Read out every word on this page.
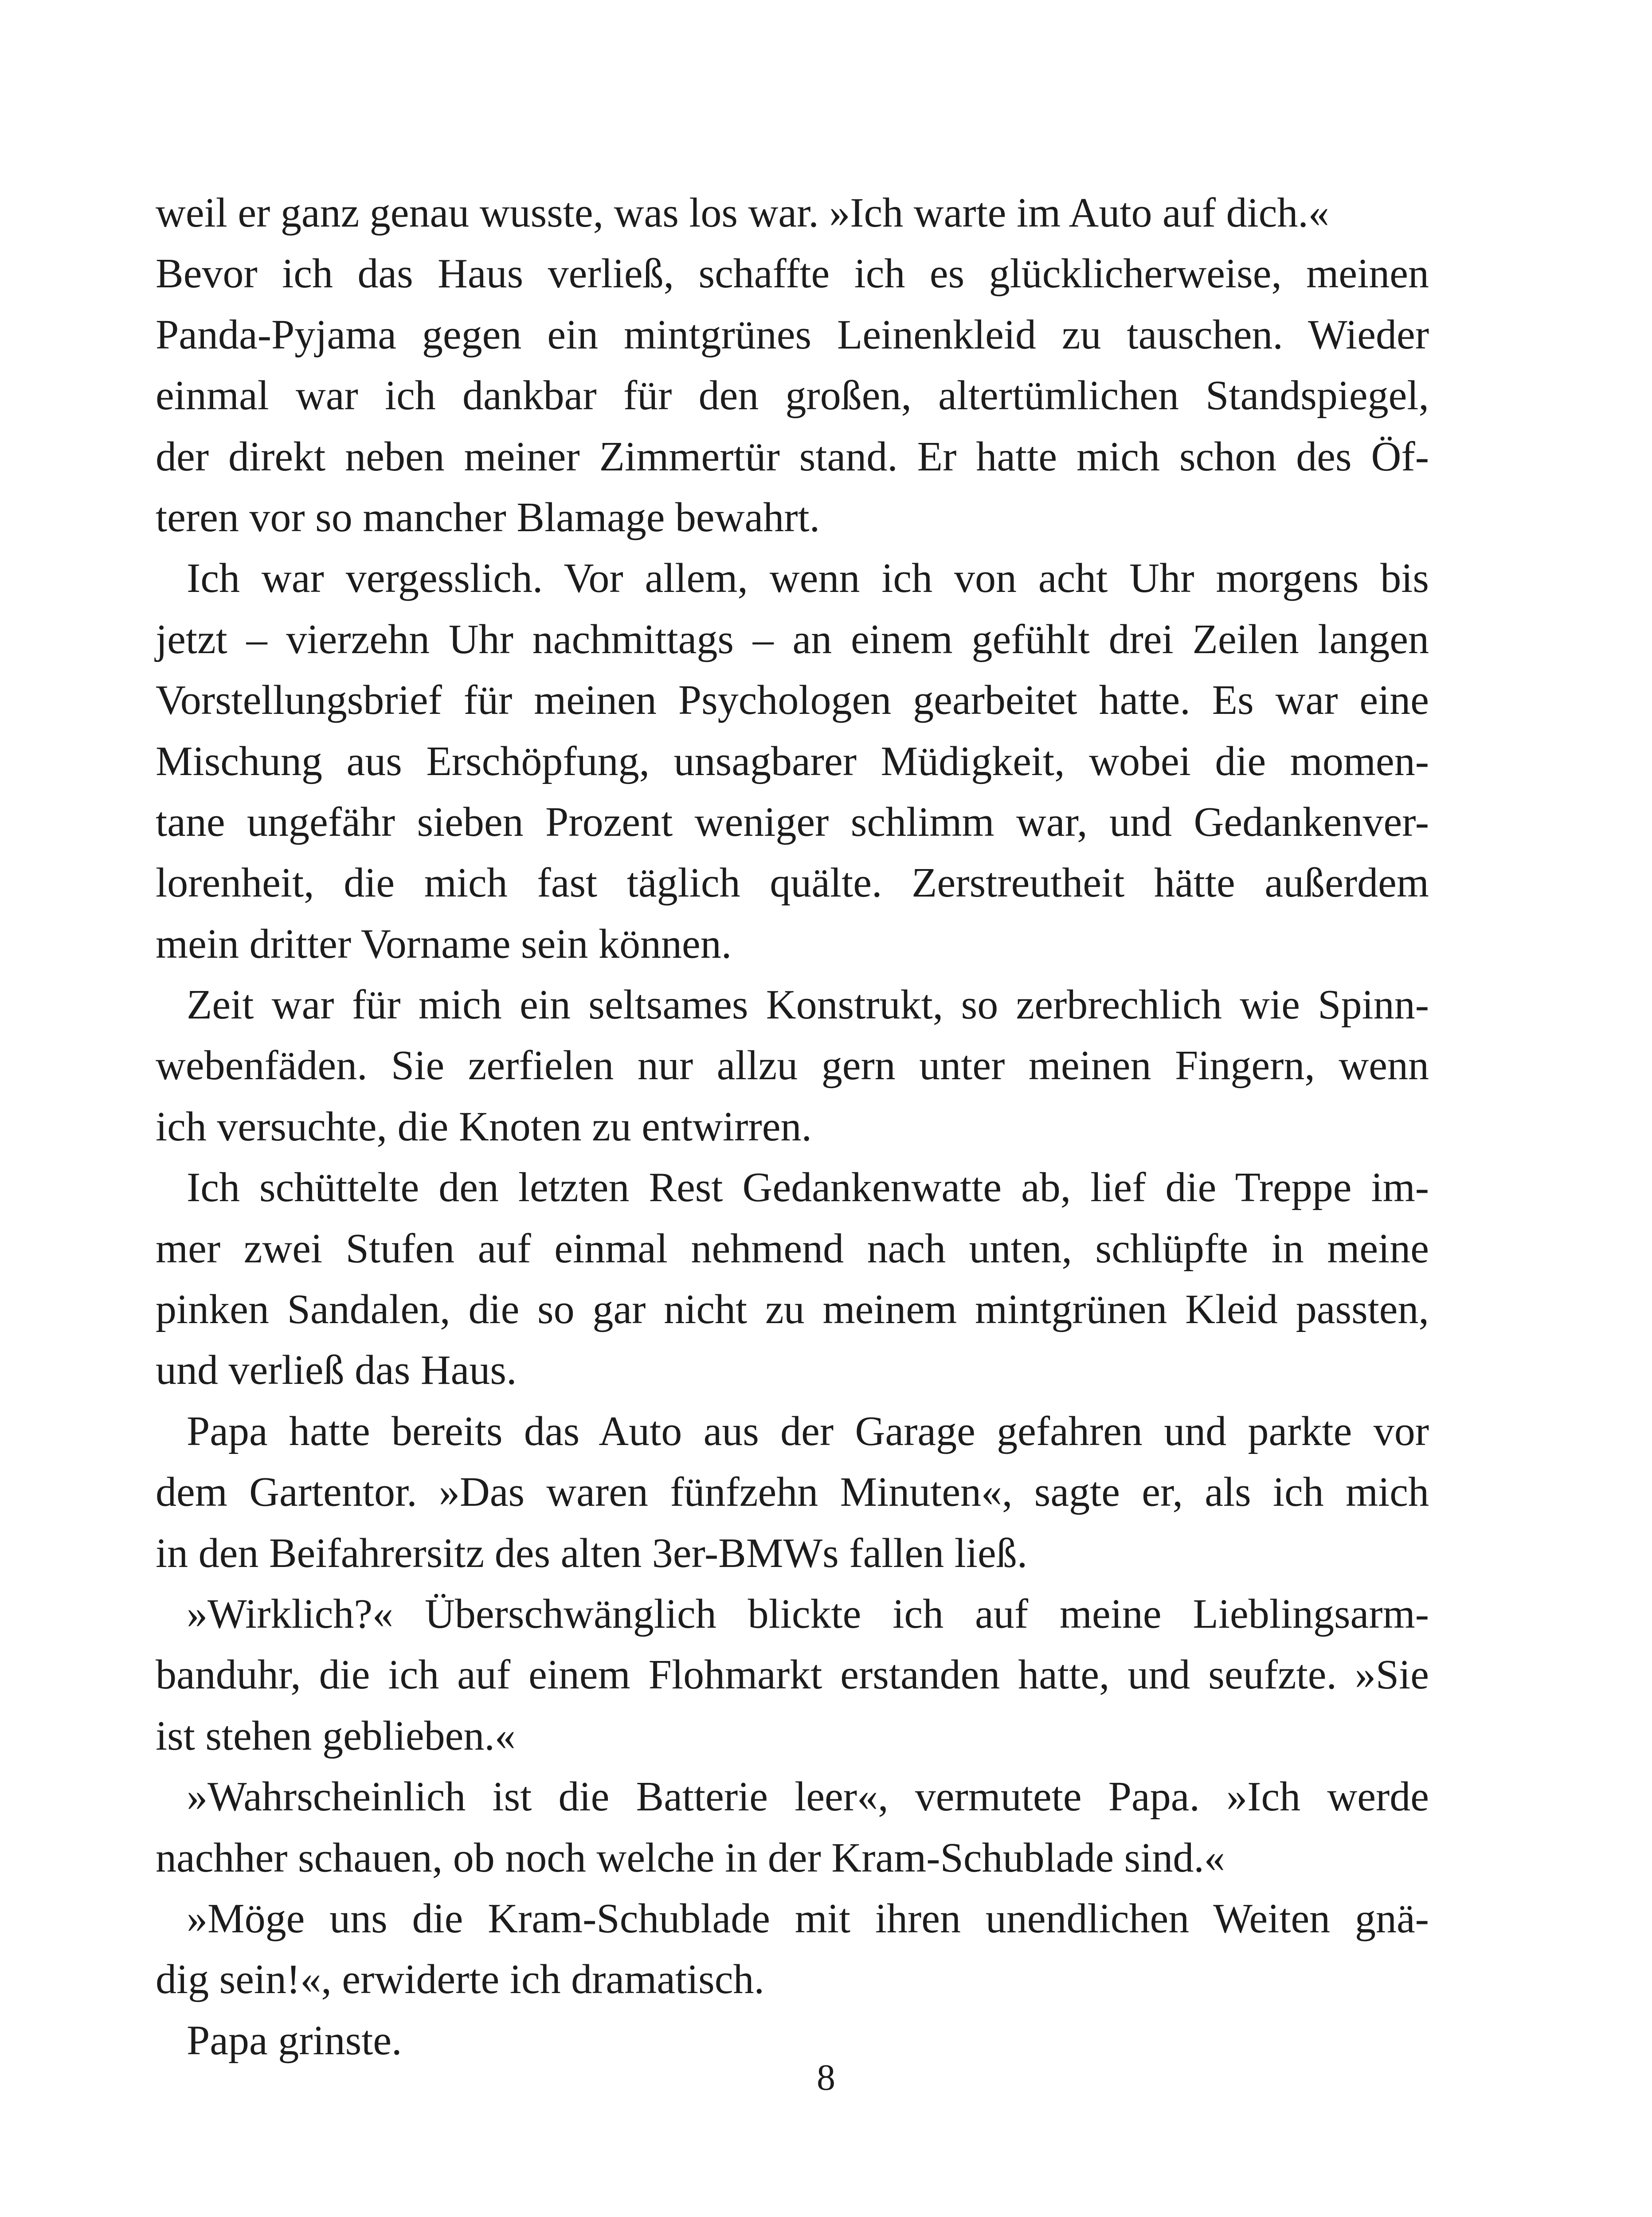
weil er ganz genau wusste, was los war. »Ich warte im Auto auf dich.«
Bevor ich das Haus verließ, schaffte ich es glücklicherweise, meinen
Panda-Pyjama gegen ein mintgrünes Leinenkleid zu tauschen. Wieder
einmal war ich dankbar für den großen, altertümlichen Standspiegel,
der direkt neben meiner Zimmertür stand. Er hatte mich schon des Öf-
teren vor so mancher Blamage bewahrt.
Ich war vergesslich. Vor allem, wenn ich von acht Uhr morgens bis
jetzt – vierzehn Uhr nachmittags – an einem gefühlt drei Zeilen langen
Vorstellungsbrief für meinen Psychologen gearbeitet hatte. Es war eine
Mischung aus Erschöpfung, unsagbarer Müdigkeit, wobei die momen-
tane ungefähr sieben Prozent weniger schlimm war, und Gedankenver-
lorenheit, die mich fast täglich quälte. Zerstreutheit hätte außerdem
mein dritter Vorname sein können.
Zeit war für mich ein seltsames Konstrukt, so zerbrechlich wie Spinn-
webenfäden. Sie zerfielen nur allzu gern unter meinen Fingern, wenn
ich versuchte, die Knoten zu entwirren.
Ich schüttelte den letzten Rest Gedankenwatte ab, lief die Treppe im-
mer zwei Stufen auf einmal nehmend nach unten, schlüpfte in meine
pinken Sandalen, die so gar nicht zu meinem mintgrünen Kleid passten,
und verließ das Haus.
Papa hatte bereits das Auto aus der Garage gefahren und parkte vor
dem Gartentor. »Das waren fünfzehn Minuten«, sagte er, als ich mich
in den Beifahrersitz des alten 3er-BMWs fallen ließ.
»Wirklich?« Überschwänglich blickte ich auf meine Lieblingsarm-
banduhr, die ich auf einem Flohmarkt erstanden hatte, und seufzte. »Sie
ist stehen geblieben.«
»Wahrscheinlich ist die Batterie leer«, vermutete Papa. »Ich werde
nachher schauen, ob noch welche in der Kram-Schublade sind.«
»Möge uns die Kram-Schublade mit ihren unendlichen Weiten gnä-
dig sein!«, erwiderte ich dramatisch.
Papa grinste.
8
